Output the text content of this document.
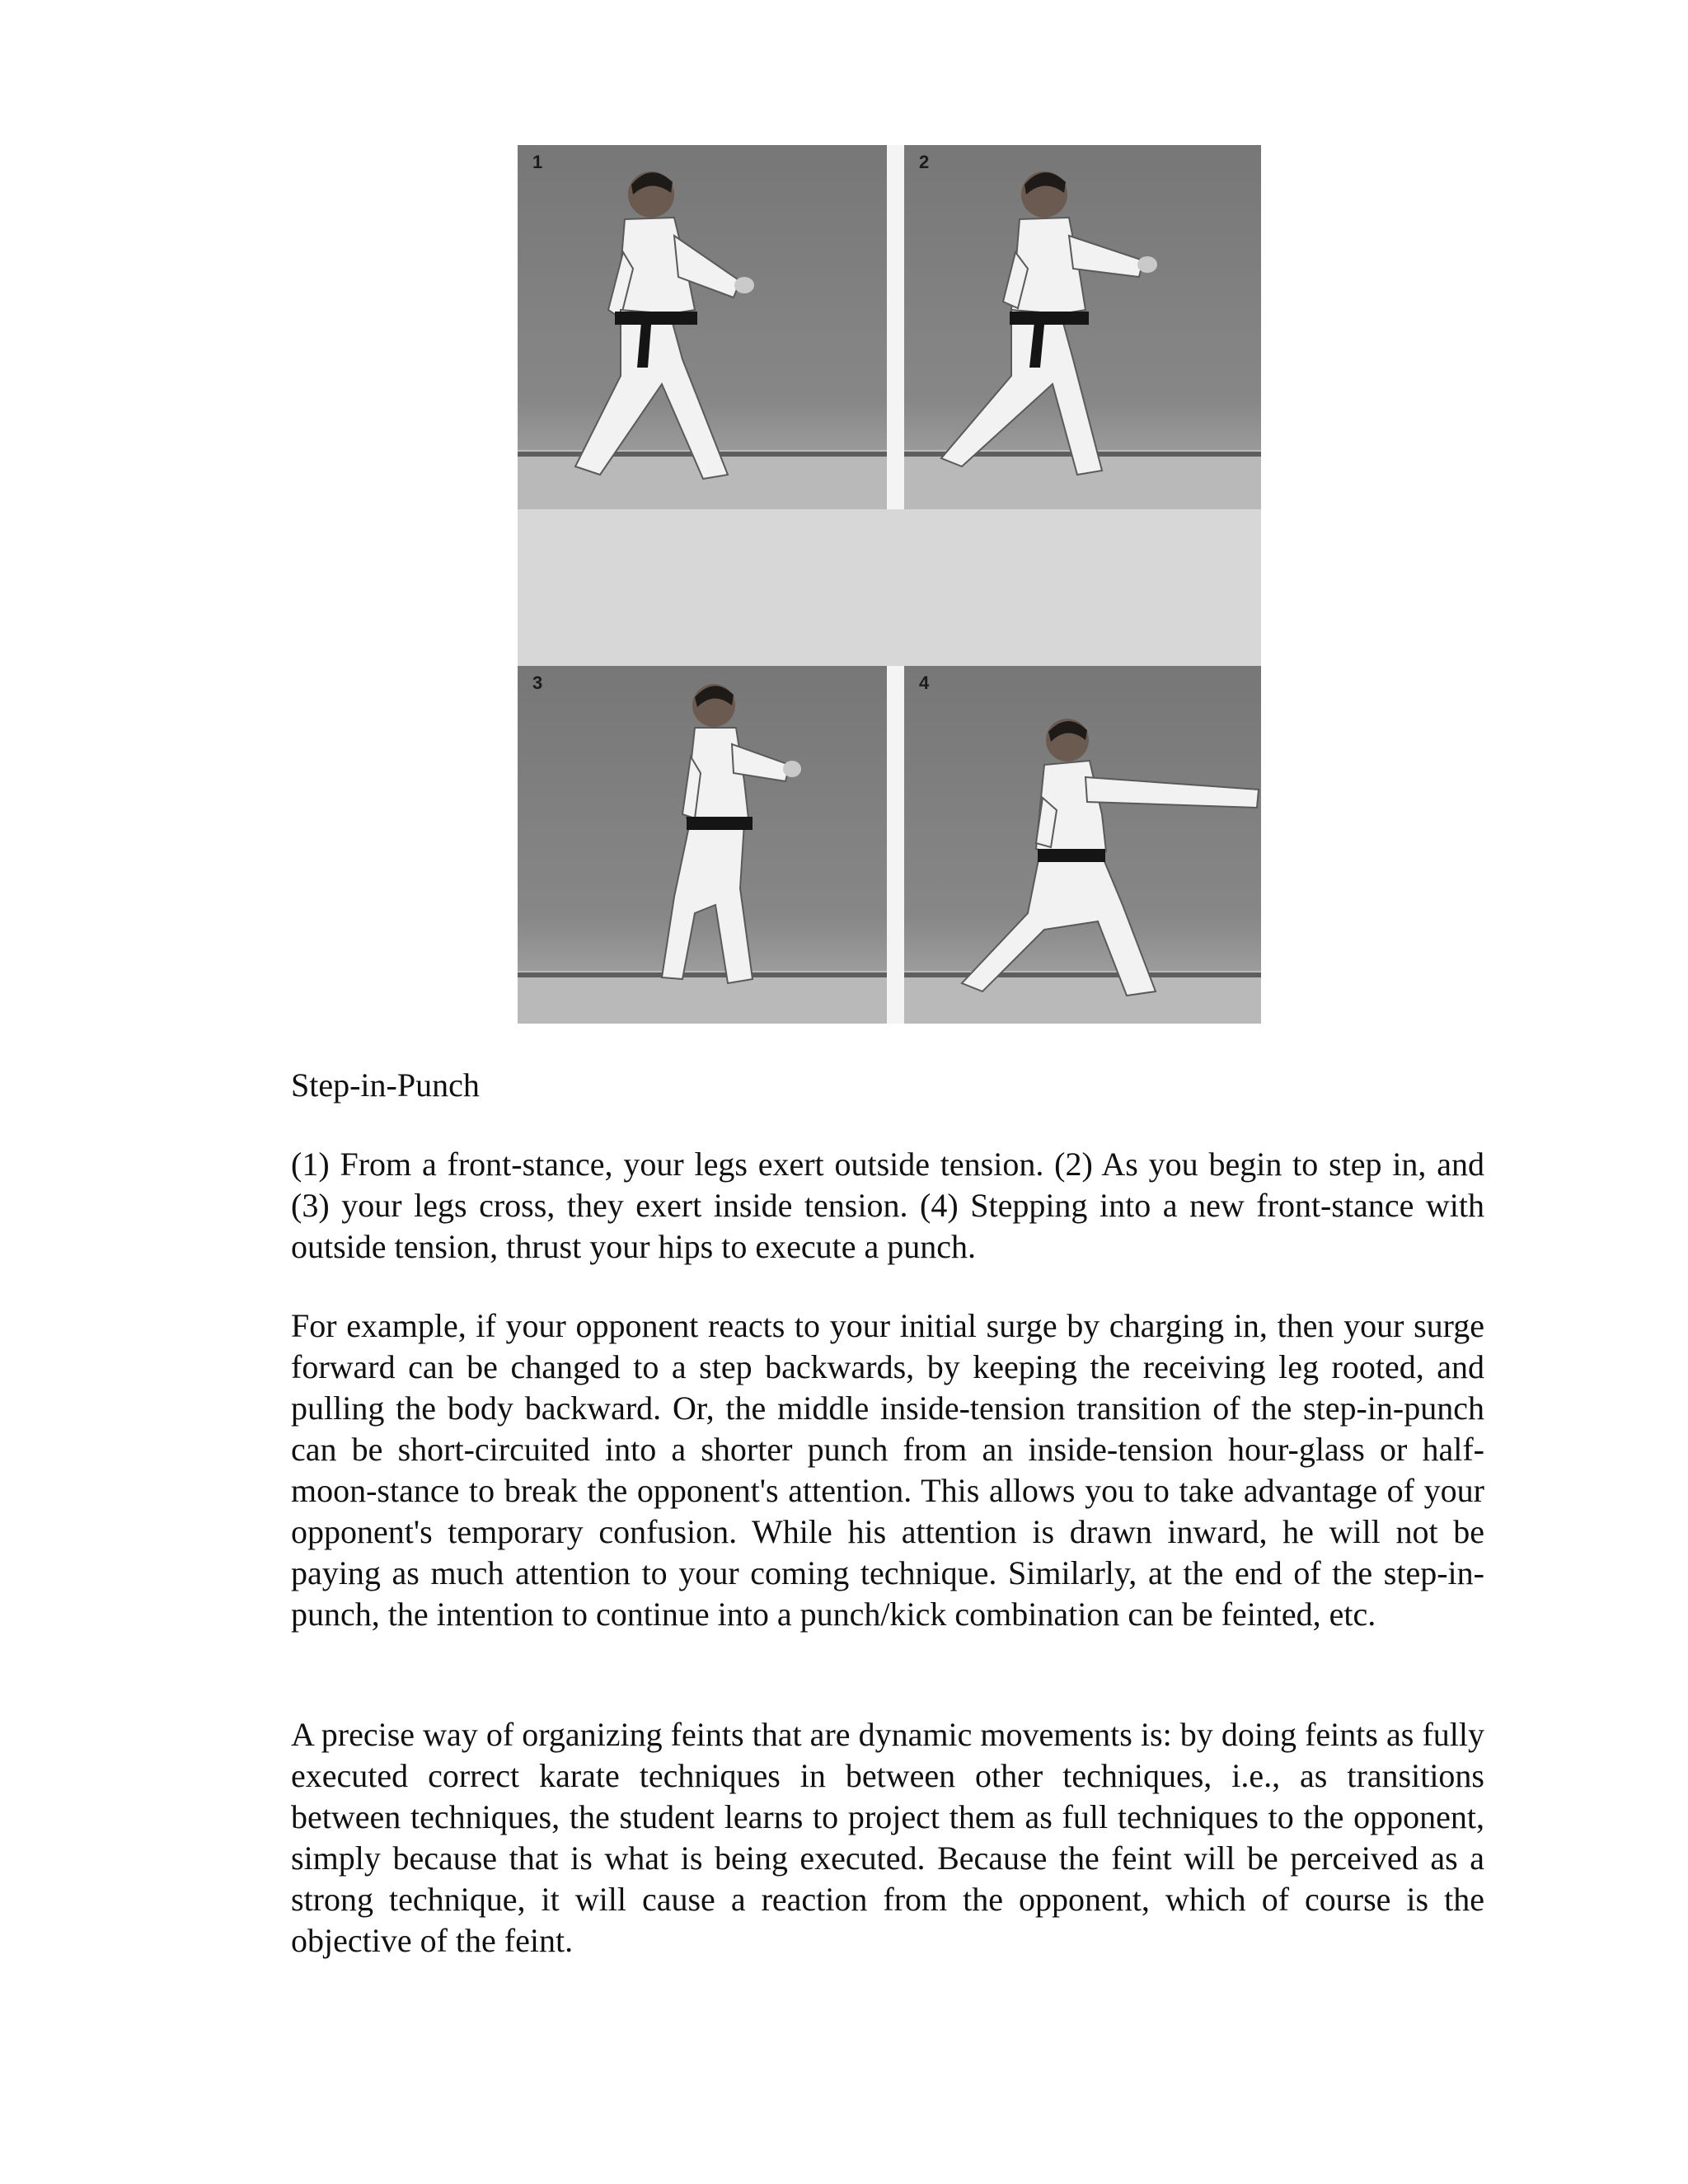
1	2
3	4

Step-in-Punch

(1) From a front-stance, your legs exert outside tension. (2) As you begin to step in, and (3) your legs cross, they exert inside tension. (4) Stepping into a new front-stance with outside tension, thrust your hips to execute a punch.

For example, if your opponent reacts to your initial surge by charging in, then your surge forward can be changed to a step backwards, by keeping the receiving leg rooted, and pulling the body backward. Or, the middle inside-tension transition of the step-in-punch can be short-circuited into a shorter punch from an inside-tension hour-glass or half-moon-stance to break the opponent's attention. This allows you to take advantage of your opponent's temporary confusion. While his attention is drawn inward, he will not be paying as much attention to your coming technique. Similarly, at the end of the step-in-punch, the intention to continue into a punch/kick combination can be feinted, etc.

A precise way of organizing feints that are dynamic movements is: by doing feints as fully executed correct karate techniques in between other techniques, i.e., as transitions between techniques, the student learns to project them as full techniques to the opponent, simply because that is what is being executed. Because the feint will be perceived as a strong technique, it will cause a reaction from the opponent, which of course is the objective of the feint.
